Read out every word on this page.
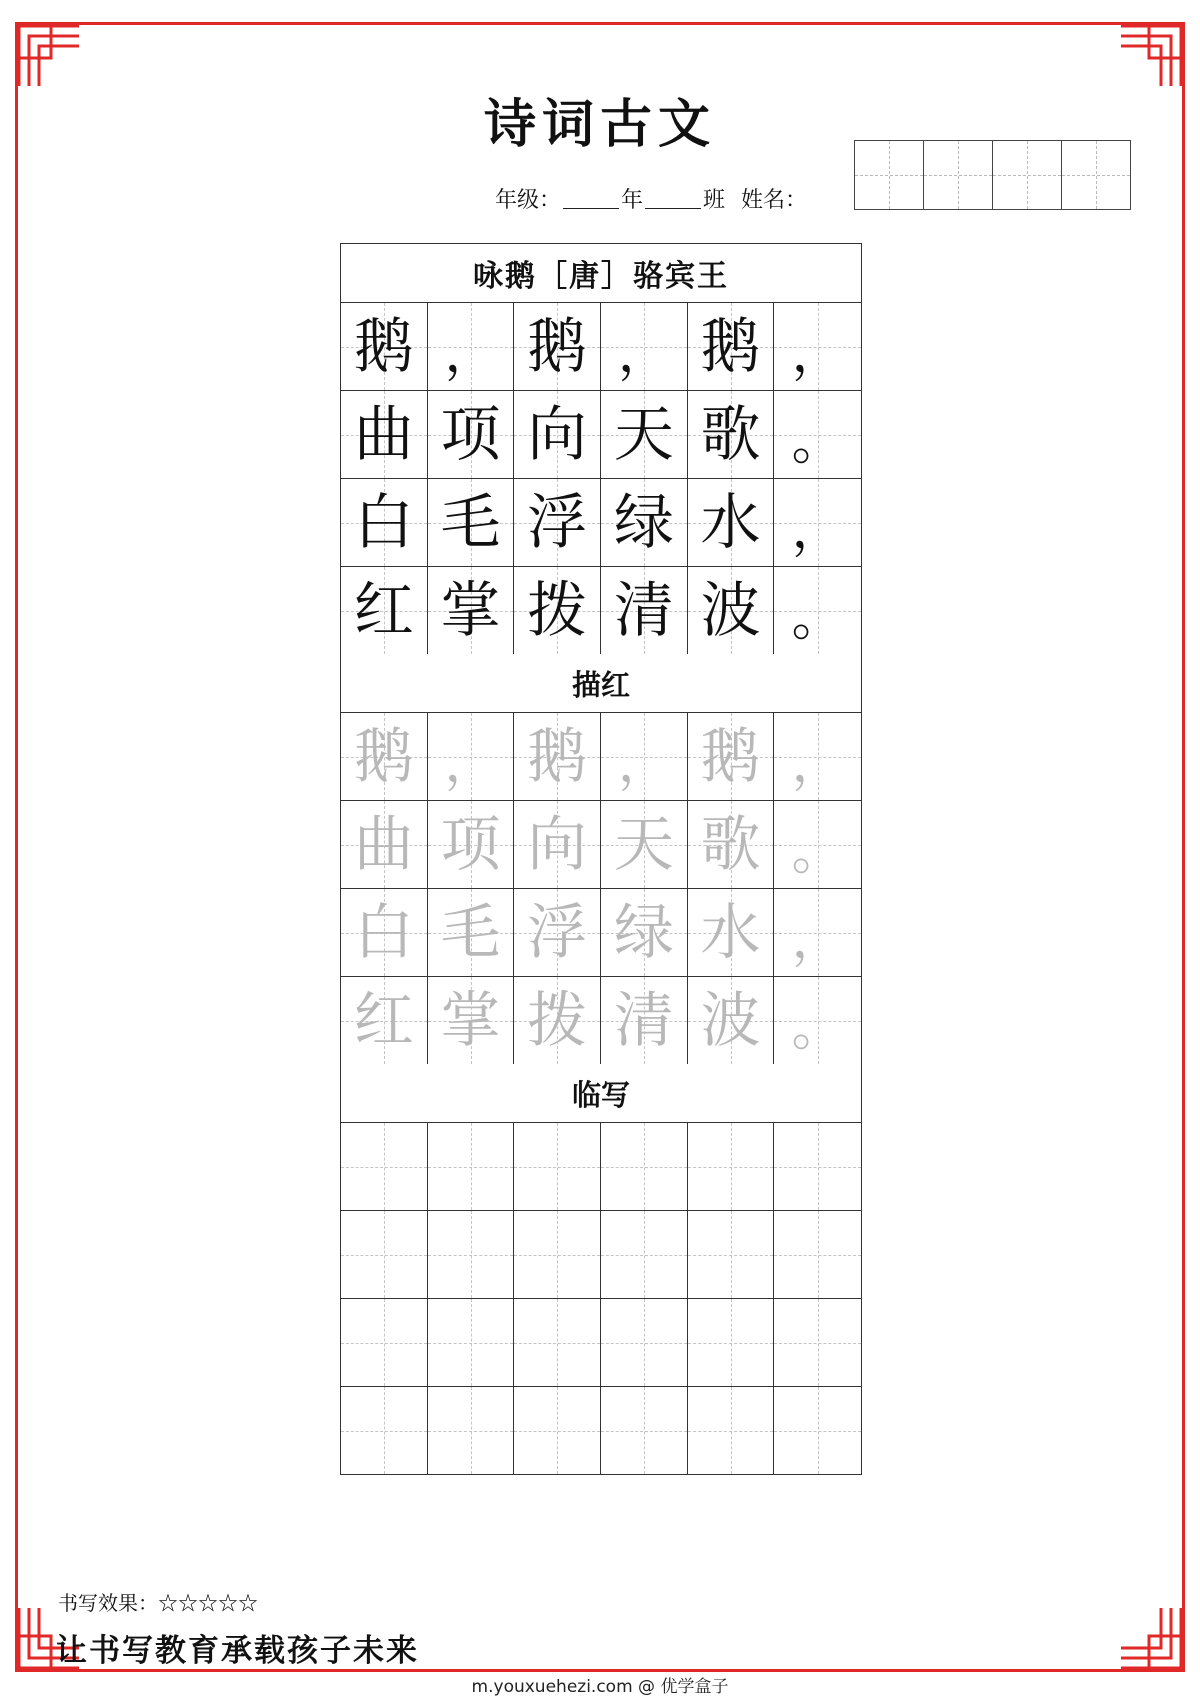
诗词古文
年级：	年	班 姓名：
咏鹅［唐］骆宾王
鹅 ， 鹅 ， 鹅 ，
曲 项 向 天 歌 。
白 毛 浮 绿 水 ，
红 掌 拨 清 波 。
描红
鹅 ， 鹅 ， 鹅 ，
曲 项 向 天 歌 。
白 毛 浮 绿 水 ，
红 掌 拨 清 波 。
临写
书写效果：☆☆☆☆☆
让书写教育承载孩子未来
m.youxuehezi.com @ 优学盒子
